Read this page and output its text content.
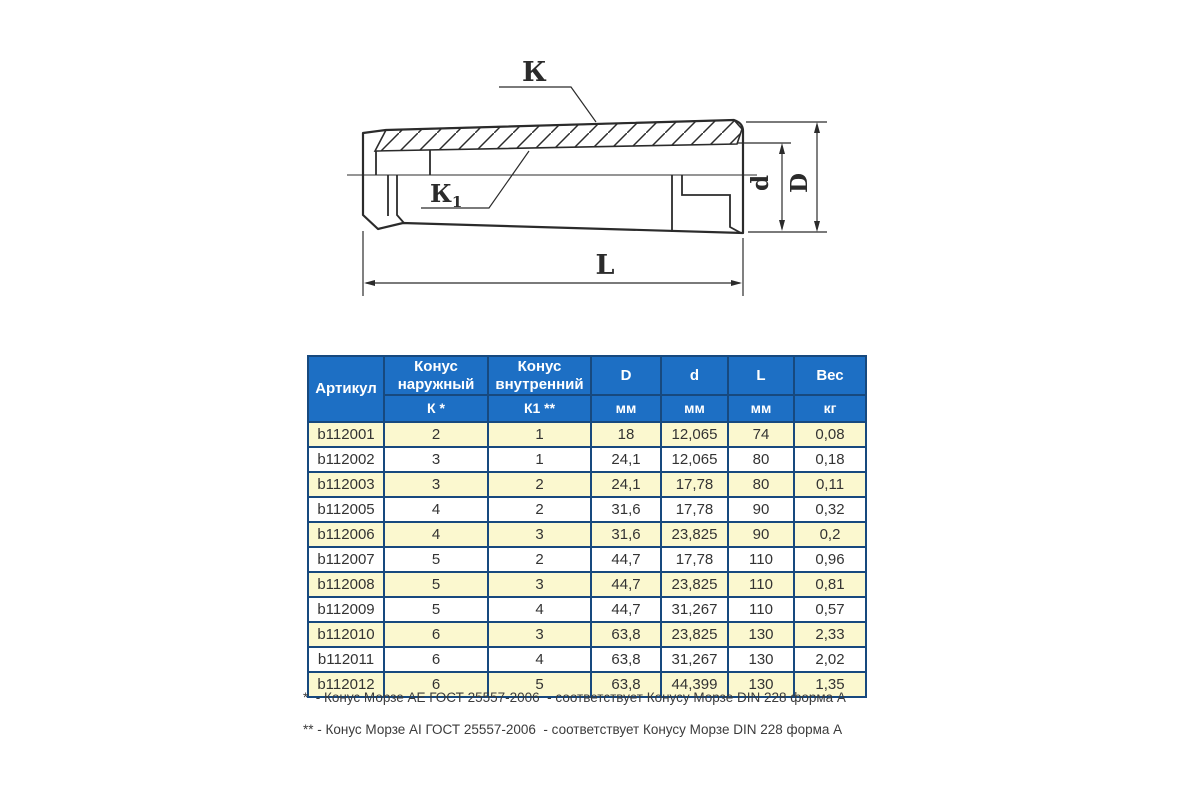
К
$К_1$
d D
L
Артикул	Конус наружный	Конус внутренний	D	d	L	Вес
	К *	К1 **	мм	мм	мм	кг
b112001	2	1	18	12,065	74	0,08
b112002	3	1	24,1	12,065	80	0,18
b112003	3	2	24,1	17,78	80	0,11
b112005	4	2	31,6	17,78	90	0,32
b112006	4	3	31,6	23,825	90	0,2
b112007	5	2	44,7	17,78	110	0,96
b112008	5	3	44,7	23,825	110	0,81
b112009	5	4	44,7	31,267	110	0,57
b112010	6	3	63,8	23,825	130	2,33
b112011	6	4	63,8	31,267	130	2,02
b112012	6	5	63,8	44,399	130	1,35
*  - Конус Морзе АЕ ГОСТ 25557-2006  - соответствует Конусу Морзе DIN 228 форма А
** - Конус Морзе АI ГОСТ 25557-2006  - соответствует Конусу Морзе DIN 228 форма А
